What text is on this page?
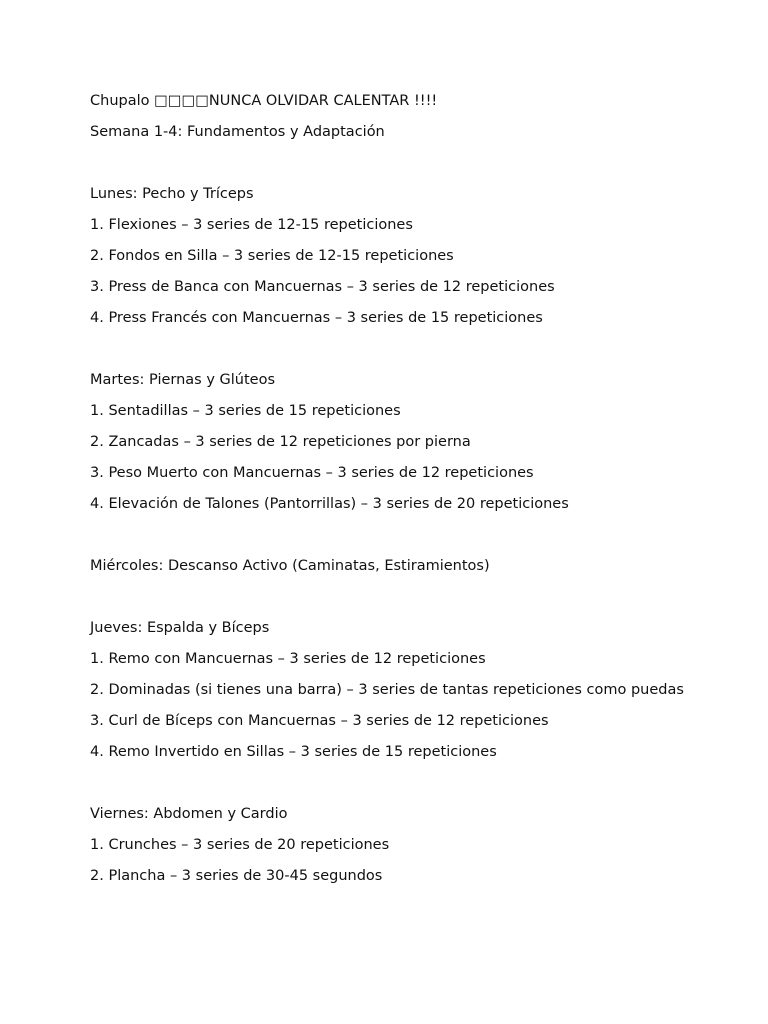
Chupalo □□□□NUNCA OLVIDAR CALENTAR !!!!

Semana 1-4: Fundamentos y Adaptación

Lunes: Pecho y Tríceps

1. Flexiones – 3 series de 12-15 repeticiones

2. Fondos en Silla – 3 series de 12-15 repeticiones

3. Press de Banca con Mancuernas – 3 series de 12 repeticiones

4. Press Francés con Mancuernas – 3 series de 15 repeticiones

Martes: Piernas y Glúteos

1. Sentadillas – 3 series de 15 repeticiones

2. Zancadas – 3 series de 12 repeticiones por pierna

3. Peso Muerto con Mancuernas – 3 series de 12 repeticiones

4. Elevación de Talones (Pantorrillas) – 3 series de 20 repeticiones

Miércoles: Descanso Activo (Caminatas, Estiramientos)

Jueves: Espalda y Bíceps

1. Remo con Mancuernas – 3 series de 12 repeticiones

2. Dominadas (si tienes una barra) – 3 series de tantas repeticiones como puedas

3. Curl de Bíceps con Mancuernas – 3 series de 12 repeticiones

4. Remo Invertido en Sillas – 3 series de 15 repeticiones

Viernes: Abdomen y Cardio

1. Crunches – 3 series de 20 repeticiones

2. Plancha – 3 series de 30-45 segundos
